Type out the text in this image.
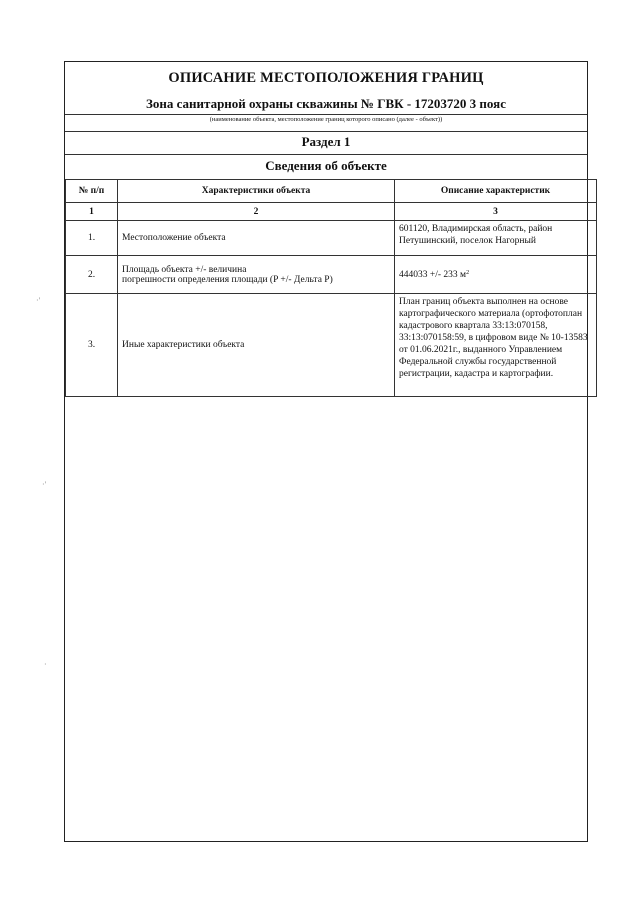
ОПИСАНИЕ МЕСТОПОЛОЖЕНИЯ ГРАНИЦ
Зона санитарной охраны скважины № ГВК - 17203720 3 пояс
(наименование объекта, местоположение границ которого описано (далее - объект))
Раздел 1
Сведения об объекте
№ п/п	Характеристики объекта	Описание характеристик
1	2	3
1.	Местоположение объекта	601120, Владимирская область, район Петушинский, поселок Нагорный
2.	Площадь объекта +/- величина
погрешности определения площади (P +/- Дельта P)	444033 +/- 233 $м^2$
3.	Иные характеристики объекта	План границ объекта выполнен на основе картографического материала (ортофотоплан кадастрового квартала 33:13:070158, 33:13:070158:59, в цифровом виде № 10-13583 от 01.06.2021г., выданного Управлением Федеральной службы государственной регистрации, кадастра и картографии.
·'
·'
·
